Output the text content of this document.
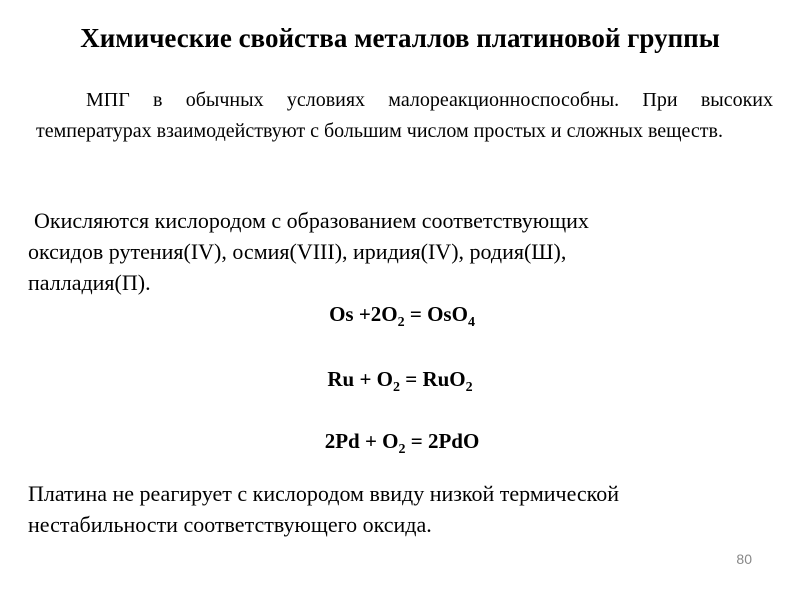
Химические свойства металлов платиновой группы
МПГ в обычных условиях малореакционноспособны. При высоких температурах взаимодействуют с большим числом простых и сложных веществ.
Окисляются кислородом с образованием соответствующих
оксидов рутения(IV), осмия(VIII), иридия(IV), родия(Ш),
палладия(П).
$Os +2O_2 = OsO_4$
$Ru + O_2 = RuO_2$
$2Pd + O_2 = 2PdO$
Платина не реагирует с кислородом ввиду низкой термической
нестабильности соответствующего оксида.
80
